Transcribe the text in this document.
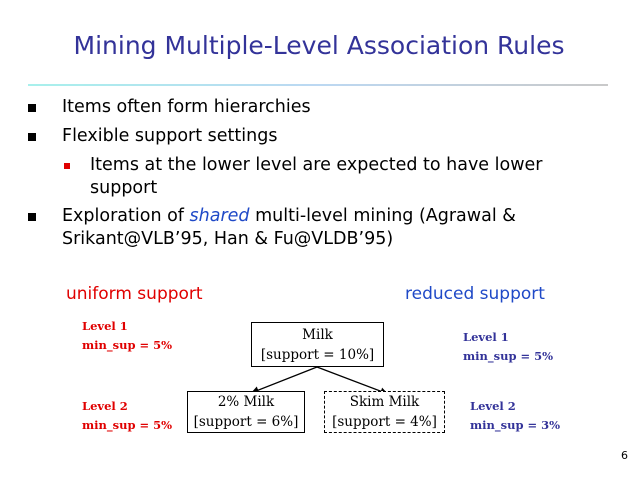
Mining Multiple-Level Association Rules
Items often form hierarchies
Flexible support settings
Items at the lower level are expected to have lower
support
Exploration of shared multi-level mining (Agrawal &
Srikant@VLB’95, Han & Fu@VLDB’95)
uniform support	reduced support
Level 1
min_sup = 5%
Level 2
min_sup = 5%
Level 1
min_sup = 5%
Level 2
min_sup = 3%
Milk
[support = 10%]
2% Milk
[support = 6%]
Skim Milk
[support = 4%]
6
